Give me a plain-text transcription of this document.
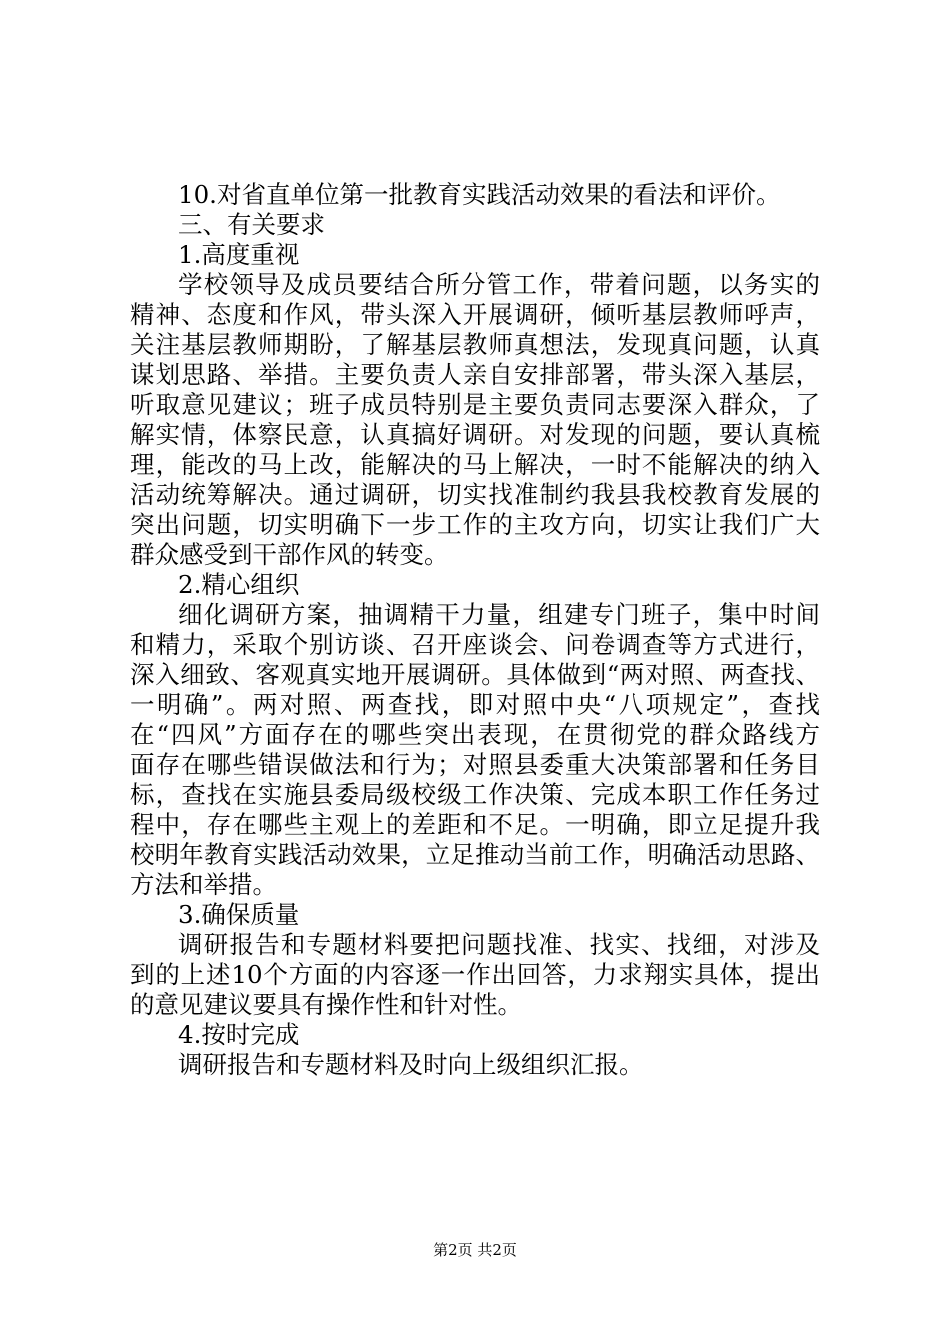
10.对省直单位第一批教育实践活动效果的看法和评价。
三、有关要求
1.高度重视
学校领导及成员要结合所分管工作，带着问题，以务实的
精神、态度和作风，带头深入开展调研，倾听基层教师呼声，
关注基层教师期盼，了解基层教师真想法，发现真问题，认真
谋划思路、举措。主要负责人亲自安排部署，带头深入基层，
听取意见建议；班子成员特别是主要负责同志要深入群众，了
解实情，体察民意，认真搞好调研。对发现的问题，要认真梳
理，能改的马上改，能解决的马上解决，一时不能解决的纳入
活动统筹解决。通过调研，切实找准制约我县我校教育发展的
突出问题，切实明确下一步工作的主攻方向，切实让我们广大
群众感受到干部作风的转变。
2.精心组织
细化调研方案，抽调精干力量，组建专门班子，集中时间
和精力，采取个别访谈、召开座谈会、问卷调查等方式进行，
深入细致、客观真实地开展调研。具体做到“两对照、两查找、
一明确”。两对照、两查找，即对照中央“八项规定”，查找
在“四风”方面存在的哪些突出表现，在贯彻党的群众路线方
面存在哪些错误做法和行为；对照县委重大决策部署和任务目
标，查找在实施县委局级校级工作决策、完成本职工作任务过
程中，存在哪些主观上的差距和不足。一明确，即立足提升我
校明年教育实践活动效果，立足推动当前工作，明确活动思路、
方法和举措。
3.确保质量
调研报告和专题材料要把问题找准、找实、找细，对涉及
到的上述10个方面的内容逐一作出回答，力求翔实具体，提出
的意见建议要具有操作性和针对性。
4.按时完成
调研报告和专题材料及时向上级组织汇报。
第2页 共2页
